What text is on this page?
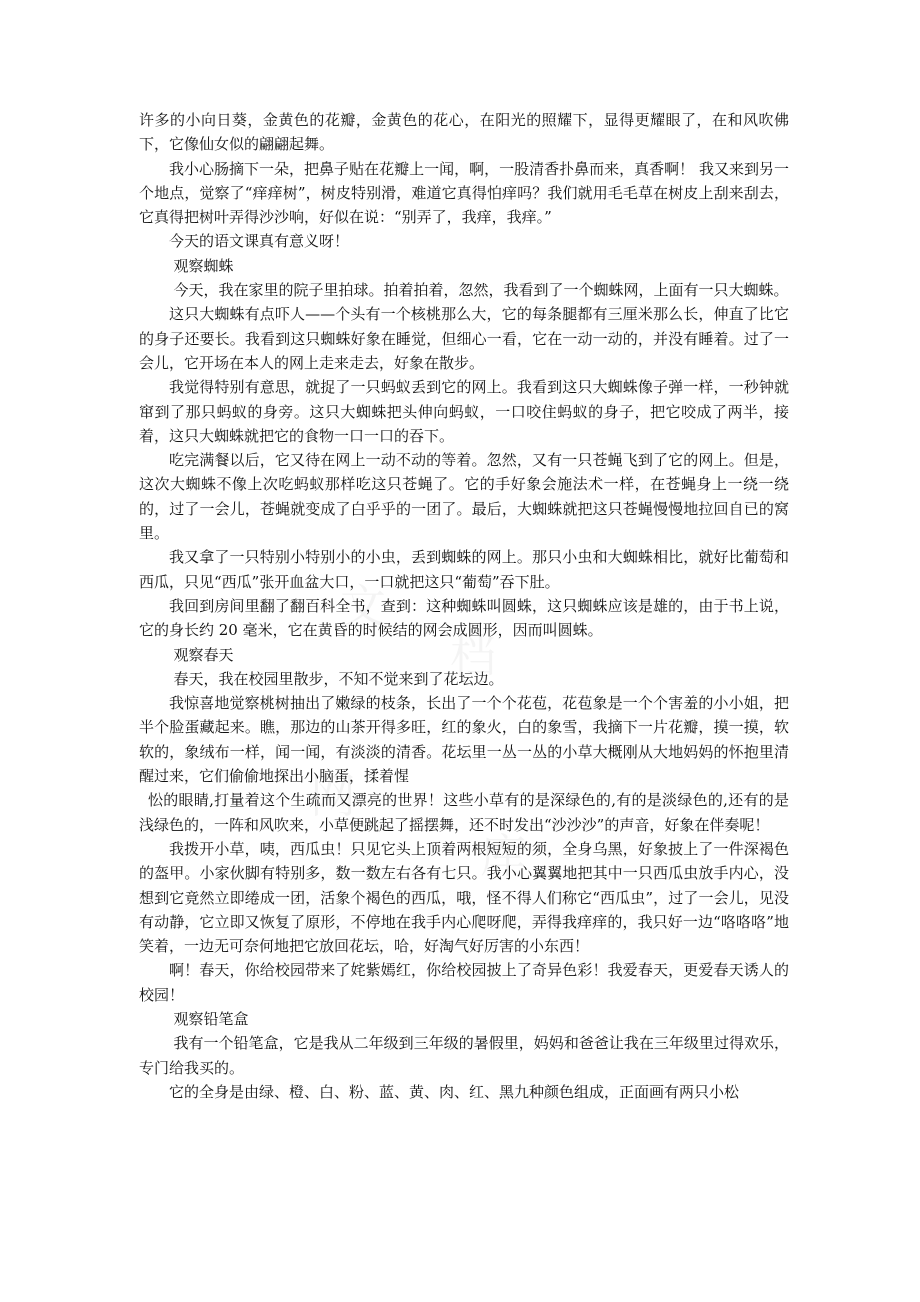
许多的小向日葵，金黄色的花瓣，金黄色的花心，在阳光的照耀下，显得更耀眼了，在和风吹佛下，它像仙女似的翩翩起舞。

我小心肠摘下一朵，把鼻子贴在花瓣上一闻，啊，一股清香扑鼻而来，真香啊！ 我又来到另一个地点，觉察了“痒痒树”，树皮特别滑，难道它真得怕痒吗？我们就用毛毛草在树皮上刮来刮去，它真得把树叶弄得沙沙响，好似在说：“别弄了，我痒，我痒。”

今天的语文课真有意义呀！

观察蜘蛛

今天，我在家里的院子里拍球。拍着拍着，忽然，我看到了一个蜘蛛网，上面有一只大蜘蛛。

这只大蜘蛛有点吓人——个头有一个核桃那么大，它的每条腿都有三厘米那么长，伸直了比它的身子还要长。我看到这只蜘蛛好象在睡觉，但细心一看，它在一动一动的，并没有睡着。过了一会儿，它开场在本人的网上走来走去，好象在散步。

我觉得特别有意思，就捉了一只蚂蚁丢到它的网上。我看到这只大蜘蛛像子弹一样，一秒钟就窜到了那只蚂蚁的身旁。这只大蜘蛛把头伸向蚂蚁，一口咬住蚂蚁的身子，把它咬成了两半，接着，这只大蜘蛛就把它的食物一口一口的吞下。

吃完满餐以后，它又待在网上一动不动的等着。忽然，又有一只苍蝇飞到了它的网上。但是，这次大蜘蛛不像上次吃蚂蚁那样吃这只苍蝇了。它的手好象会施法术一样，在苍蝇身上一绕一绕的，过了一会儿，苍蝇就变成了白乎乎的一团了。最后，大蜘蛛就把这只苍蝇慢慢地拉回自已的窝里。

我又拿了一只特别小特别小的小虫，丢到蜘蛛的网上。那只小虫和大蜘蛛相比，就好比葡萄和西瓜，只见“西瓜”张开血盆大口，一口就把这只“葡萄”吞下肚。

我回到房间里翻了翻百科全书，查到：这种蜘蛛叫圆蛛，这只蜘蛛应该是雄的，由于书上说，它的身长约 20 毫米，它在黄昏的时候结的网会成圆形，因而叫圆蛛。

观察春天

春天，我在校园里散步，不知不觉来到了花坛边。

我惊喜地觉察桃树抽出了嫩绿的枝条，长出了一个个花苞，花苞象是一个个害羞的小小姐，把半个脸蛋藏起来。瞧，那边的山茶开得多旺，红的象火，白的象雪，我摘下一片花瓣，摸一摸，软软的，象绒布一样，闻一闻，有淡淡的清香。花坛里一丛一丛的小草大概刚从大地妈妈的怀抱里清醒过来，它们偷偷地探出小脑蛋，揉着惺

忪的眼睛,打量着这个生疏而又漂亮的世界！这些小草有的是深绿色的,有的是淡绿色的,还有的是浅绿色的，一阵和风吹来，小草便跳起了摇摆舞，还不时发出“沙沙沙”的声音，好象在伴奏呢！

我拨开小草，咦，西瓜虫！只见它头上顶着两根短短的须，全身乌黑，好象披上了一件深褐色的盔甲。小家伙脚有特别多，数一数左右各有七只。我小心翼翼地把其中一只西瓜虫放手内心，没想到它竟然立即绻成一团，活象个褐色的西瓜，哦，怪不得人们称它“西瓜虫”，过了一会儿，见没有动静，它立即又恢复了原形，不停地在我手内心爬呀爬，弄得我痒痒的，我只好一边“咯咯咯”地笑着，一边无可奈何地把它放回花坛，哈，好淘气好厉害的小东西！

啊！春天，你给校园带来了姹紫嫣红，你给校园披上了奇异色彩！我爱春天，更爱春天诱人的校园！

观察铅笔盒

我有一个铅笔盒，它是我从二年级到三年级的暑假里，妈妈和爸爸让我在三年级里过得欢乐，专门给我买的。

它的全身是由绿、橙、白、粉、蓝、黄、肉、红、黑九种颜色组成，正面画有两只小松
